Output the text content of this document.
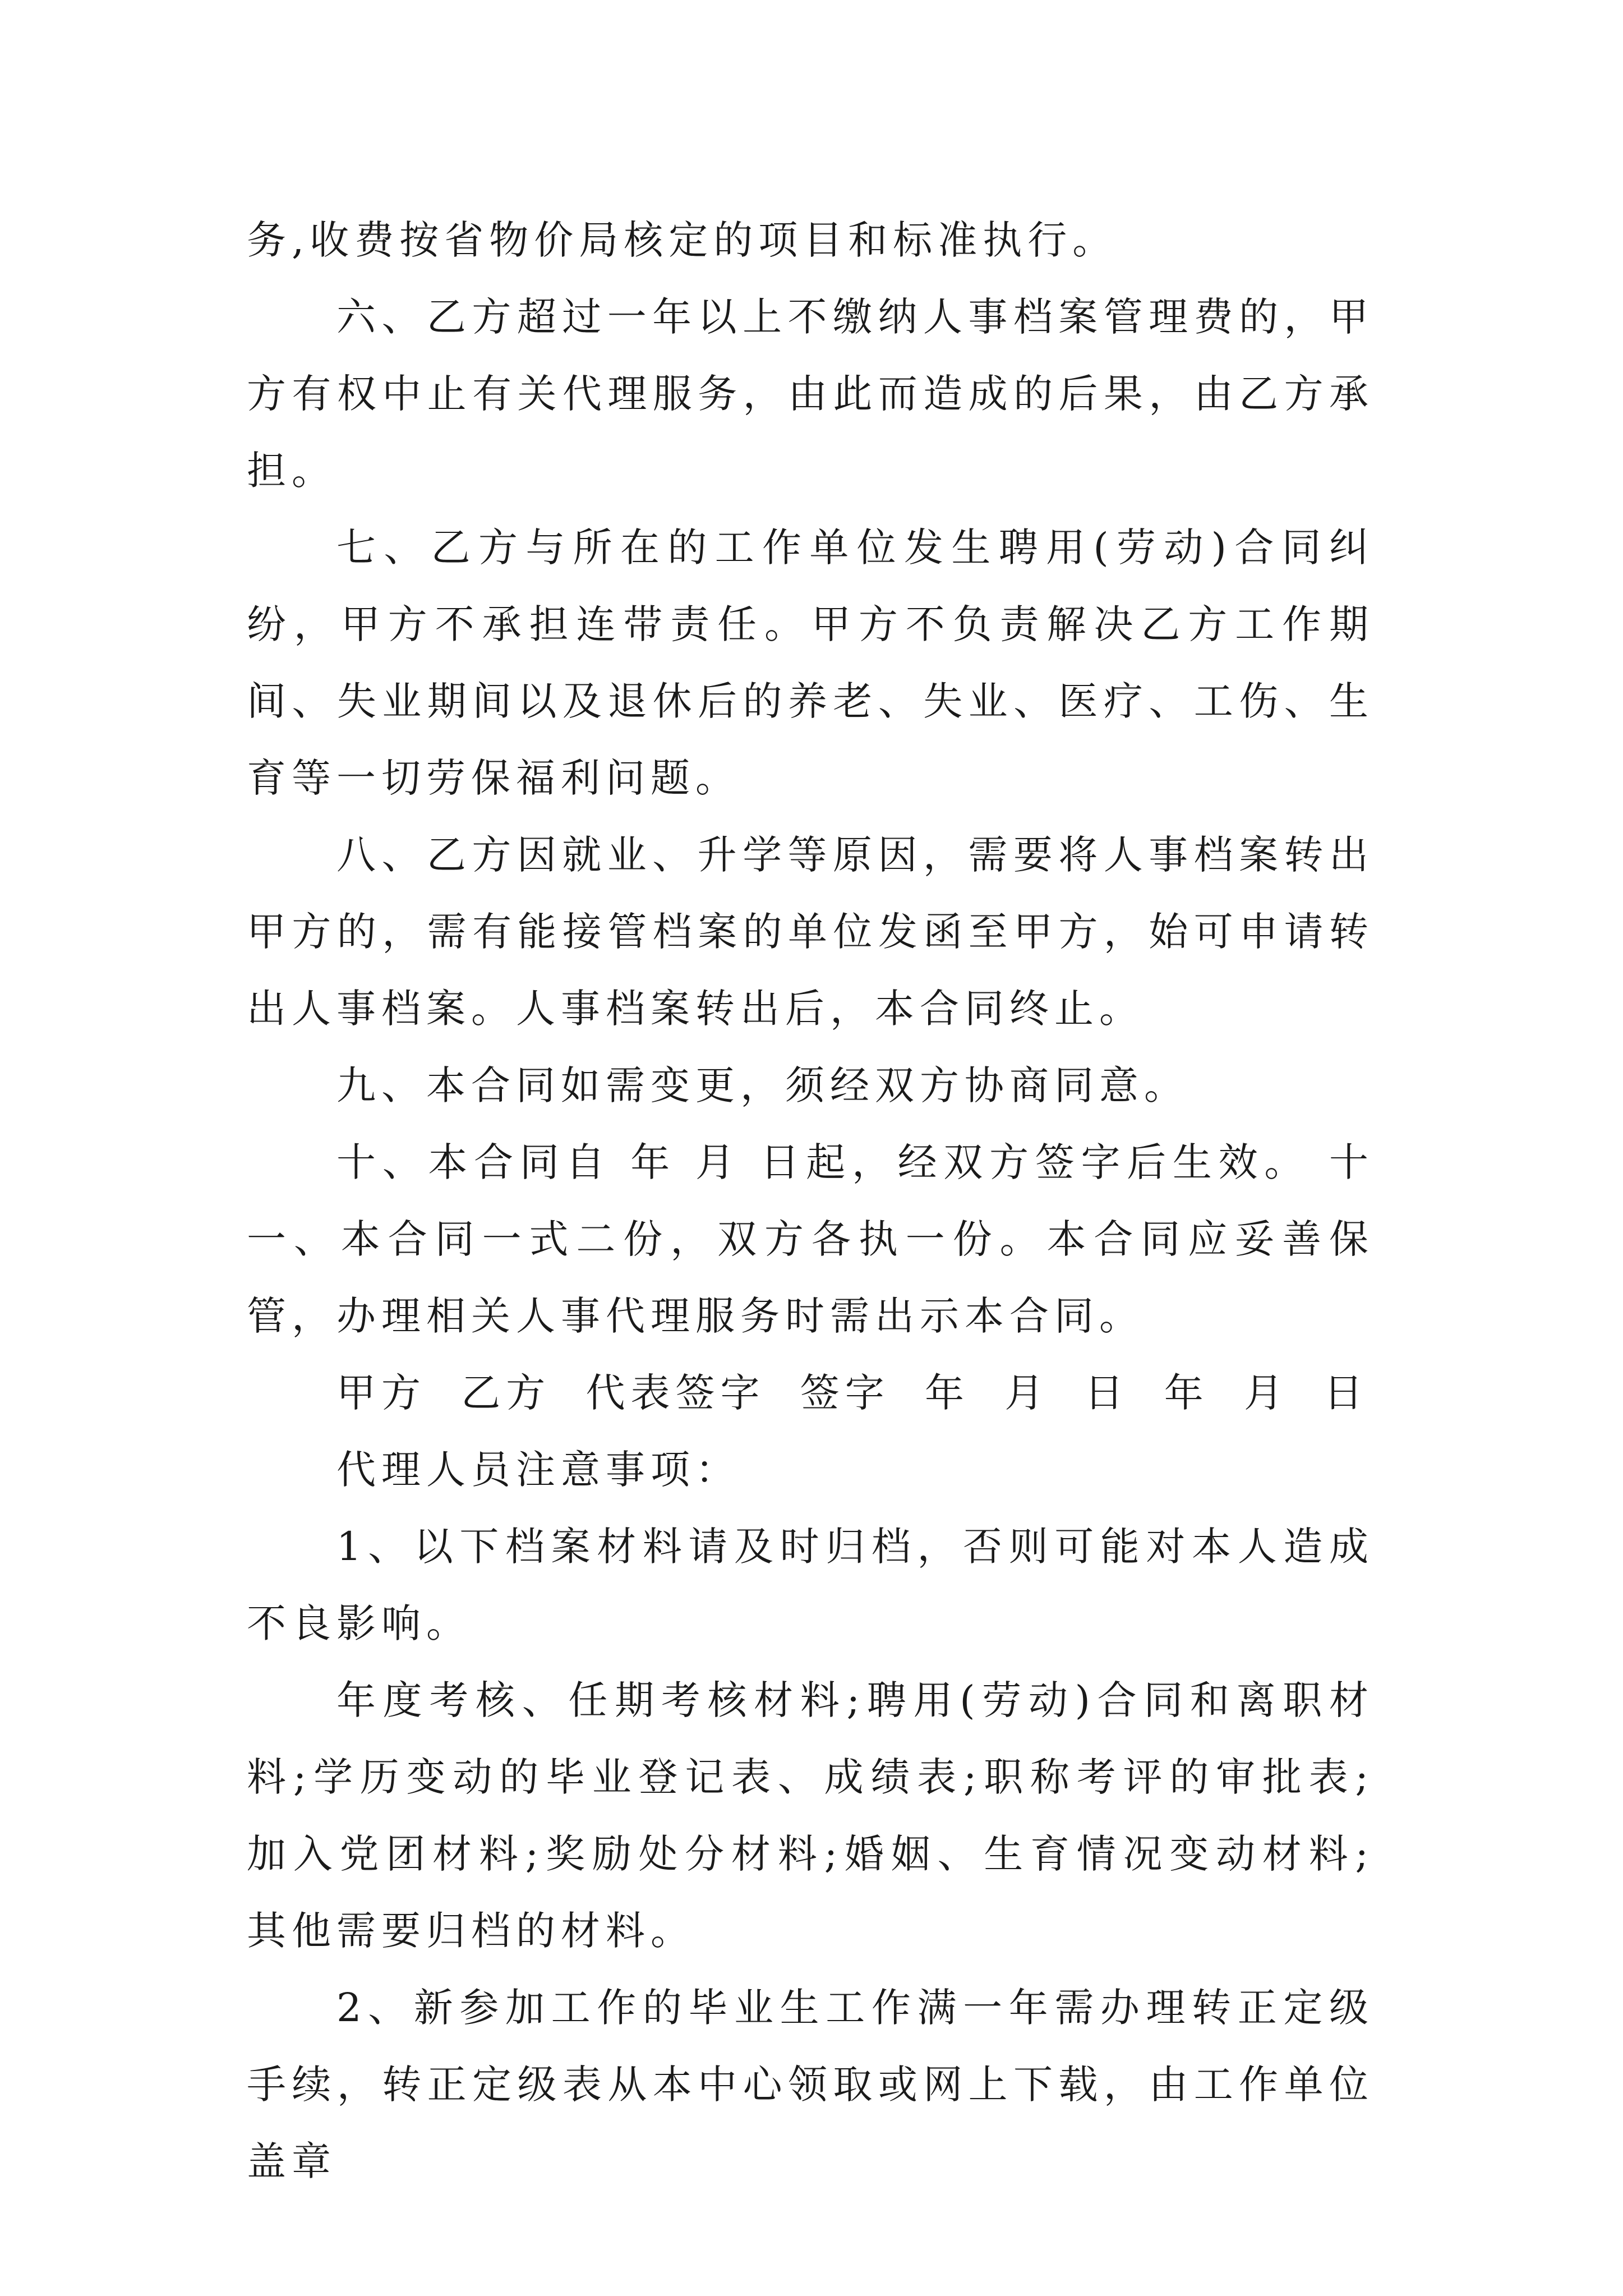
务,收费按省物价局核定的项目和标准执行。

六、乙方超过一年以上不缴纳人事档案管理费的，甲方有权中止有关代理服务，由此而造成的后果，由乙方承担。

七、乙方与所在的工作单位发生聘用(劳动)合同纠纷，甲方不承担连带责任。甲方不负责解决乙方工作期间、失业期间以及退休后的养老、失业、医疗、工伤、生育等一切劳保福利问题。

八、乙方因就业、升学等原因，需要将人事档案转出甲方的，需有能接管档案的单位发函至甲方，始可申请转出人事档案。人事档案转出后，本合同终止。

九、本合同如需变更，须经双方协商同意。

十、本合同自 年 月 日起，经双方签字后生效。 十一、本合同一式二份，双方各执一份。本合同应妥善保管，办理相关人事代理服务时需出示本合同。

甲方 乙方 代表签字 签字 年 月 日 年 月 日

代理人员注意事项：

1、以下档案材料请及时归档，否则可能对本人造成不良影响。

年度考核、任期考核材料;聘用(劳动)合同和离职材料;学历变动的毕业登记表、成绩表;职称考评的审批表;加入党团材料;奖励处分材料;婚姻、生育情况变动材料;其他需要归档的材料。

2、新参加工作的毕业生工作满一年需办理转正定级手续，转正定级表从本中心领取或网上下载，由工作单位盖章
